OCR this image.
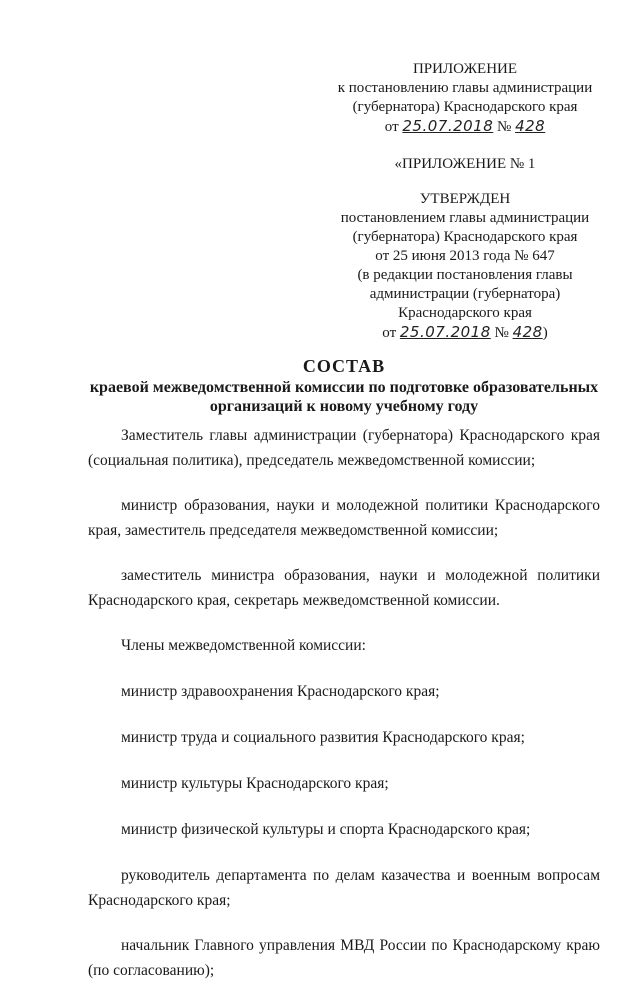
ПРИЛОЖЕНИЕ
к постановлению главы администрации
(губернатора) Краснодарского края
от 25.07.2018 № 428
«ПРИЛОЖЕНИЕ № 1
УТВЕРЖДЕН
постановлением главы администрации
(губернатора) Краснодарского края
от 25 июня 2013 года № 647
(в редакции постановления главы
администрации (губернатора)
Краснодарского края
от 25.07.2018 № 428)
СОСТАВ
краевой межведомственной комиссии по подготовке образовательных
организаций к новому учебному году

Заместитель главы администрации (губернатора) Краснодарского края (социальная политика), председатель межведомственной комиссии;

министр образования, науки и молодежной политики Краснодарского края, заместитель председателя межведомственной комиссии;

заместитель министра образования, науки и молодежной политики Краснодарского края, секретарь межведомственной комиссии.

Члены межведомственной комиссии:

министр здравоохранения Краснодарского края;

министр труда и социального развития Краснодарского края;

министр культуры Краснодарского края;

министр физической культуры и спорта Краснодарского края;

руководитель департамента по делам казачества и военным вопросам Краснодарского края;

начальник Главного управления МВД России по Краснодарскому краю (по согласованию);
